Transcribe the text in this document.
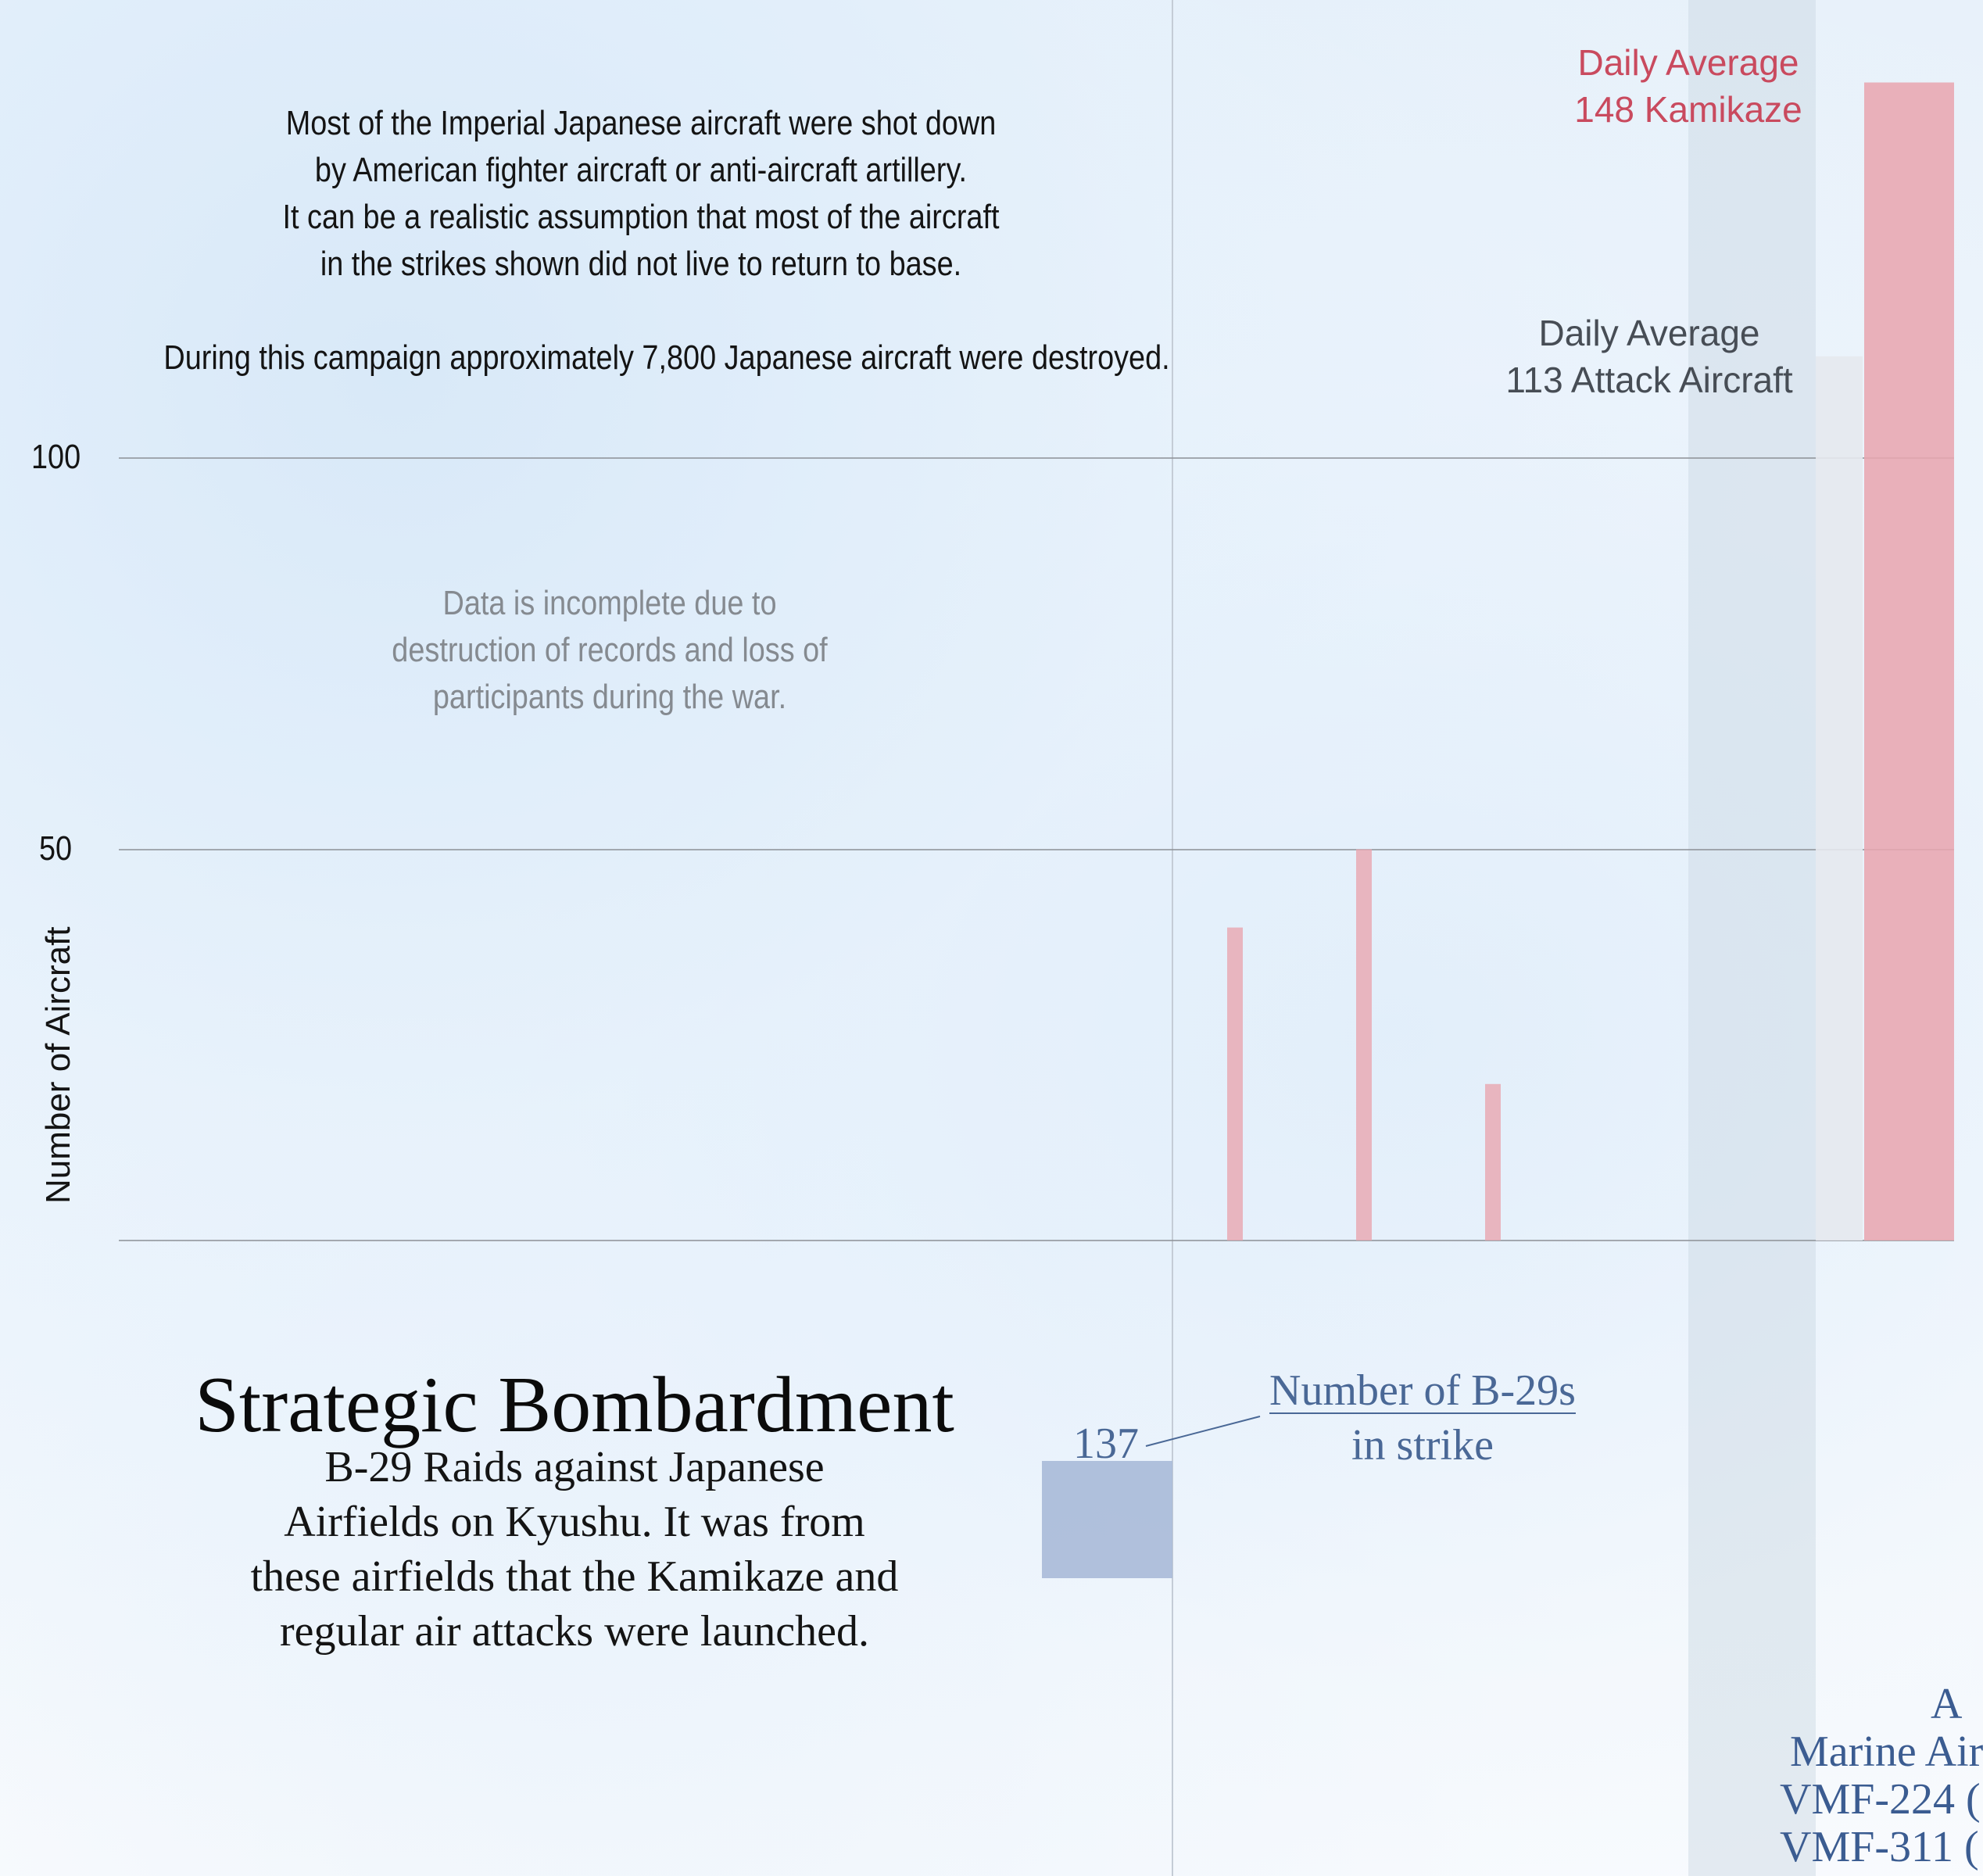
Most of the Imperial Japanese aircraft were shot down
by American fighter aircraft or anti-aircraft artillery.
It can be a realistic assumption that most of the aircraft
in the strikes shown did not live to return to base.
During this campaign approximately 7,800 Japanese aircraft were destroyed.
Data is incomplete due to
destruction of records and loss of
participants during the war.
Daily Average
148 Kamikaze
Daily Average
113 Attack Aircraft
100
50
Number of Aircraft
Strategic Bombardment
B-29 Raids against Japanese
Airfields on Kyushu. It was from
these airfields that the Kamikaze and
regular air attacks were launched.
137
Number of B-29s
in strike
A
Marine Air
VMF-224 (
VMF-311 (
